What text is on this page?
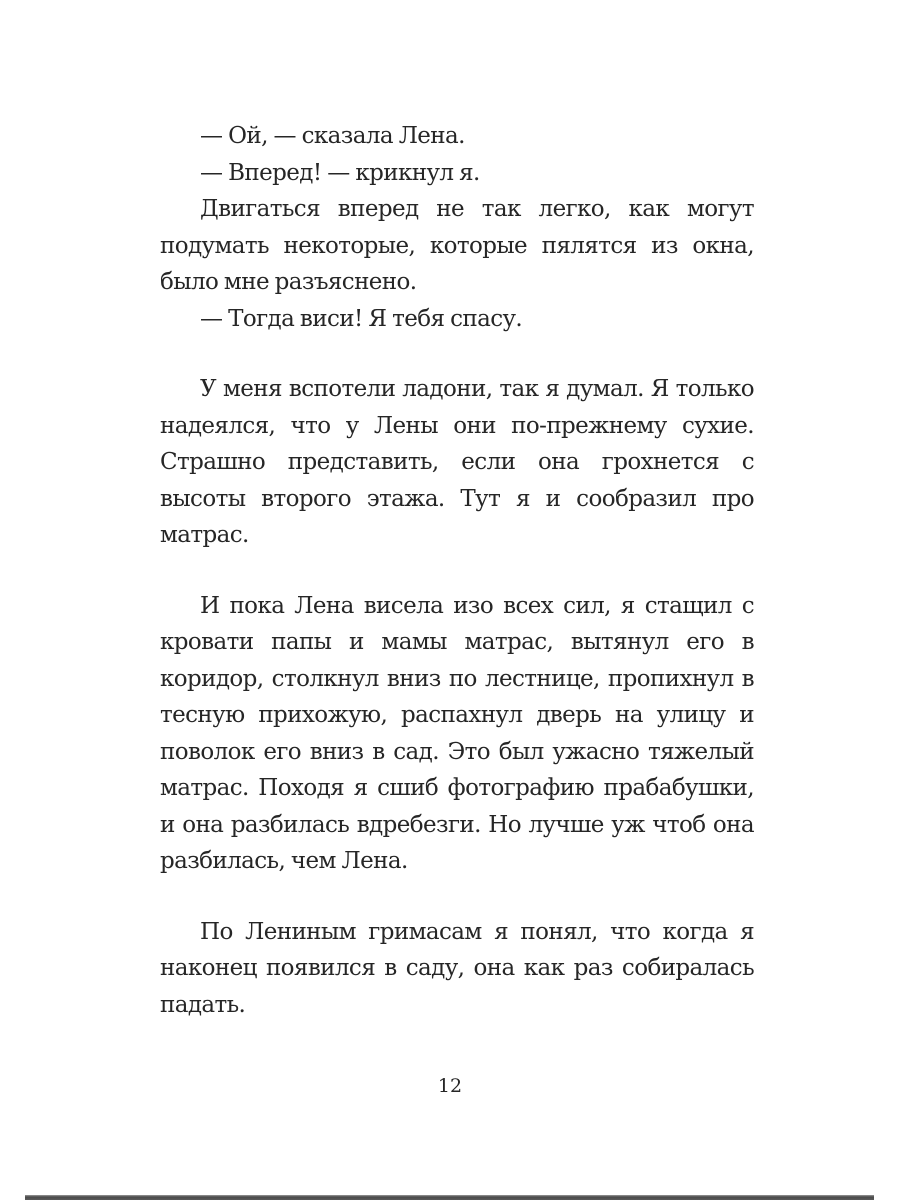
— Ой, — сказала Лена.

— Вперед! — крикнул я.

Двигаться вперед не так легко, как могут подумать некоторые, которые пялятся из окна, было мне разъяснено.

— Тогда виси! Я тебя спасу.

У меня вспотели ладони, так я думал. Я только надеялся, что у Лены они по-прежнему сухие. Страшно представить, если она грохнется с высоты второго этажа. Тут я и сообразил про матрас.

И пока Лена висела изо всех сил, я стащил с кровати папы и мамы матрас, вытянул его в коридор, столкнул вниз по лестнице, пропихнул в тесную прихожую, распахнул дверь на улицу и поволок его вниз в сад. Это был ужасно тяжелый матрас. Походя я сшиб фотографию прабабушки, и она разбилась вдребезги. Но лучше уж чтоб она разбилась, чем Лена.

По Лениным гримасам я понял, что когда я наконец появился в саду, она как раз собиралась падать.

12
